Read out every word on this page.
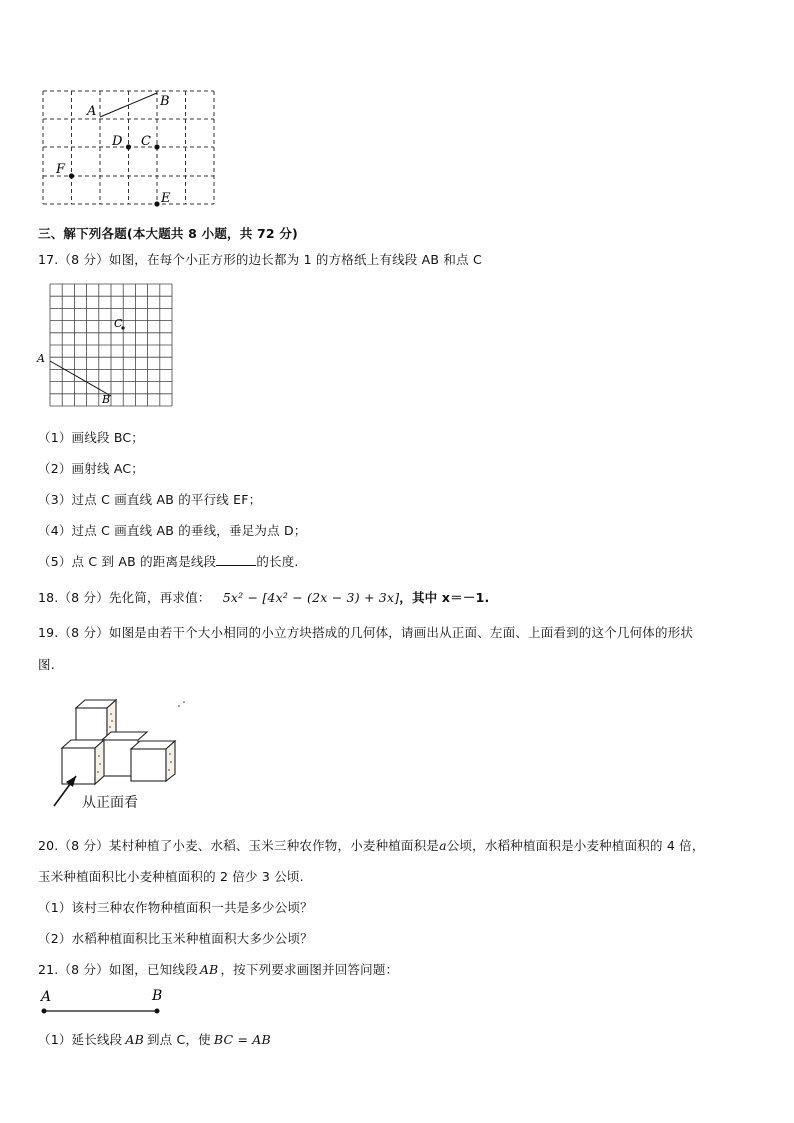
A
B
D C
F
E
三、解下列各题(本大题共 8 小题，共 72 分)
17.（8 分）如图，在每个小正方形的边长都为 1 的方格纸上有线段 AB 和点 C
A
B
C
（1）画线段 BC；
（2）画射线 AC；
（3）过点 C 画直线 AB 的平行线 EF；
（4）过点 C 画直线 AB 的垂线，垂足为点 D；
（5）点 C 到 AB 的距离是线段	的长度.
18.（8 分）先化简，再求值： 5x² − [4x² − (2x − 3) + 3x]，其中 x＝－1.
19.（8 分）如图是由若干个大小相同的小立方块搭成的几何体，请画出从正面、左面、上面看到的这个几何体的形状
图.
从正面看
20.（8 分）某村种植了小麦、水稻、玉米三种农作物，小麦种植面积是a公顷，水稻种植面积是小麦种植面积的 4 倍，
玉米种植面积比小麦种植面积的 2 倍少 3 公顷.
（1）该村三种农作物种植面积一共是多少公顷？
（2）水稻种植面积比玉米种植面积大多少公顷？
21.（8 分）如图，已知线段 AB ，按下列要求画图并回答问题：
A	B
（1）延长线段 AB 到点 C，使 BC = AB
